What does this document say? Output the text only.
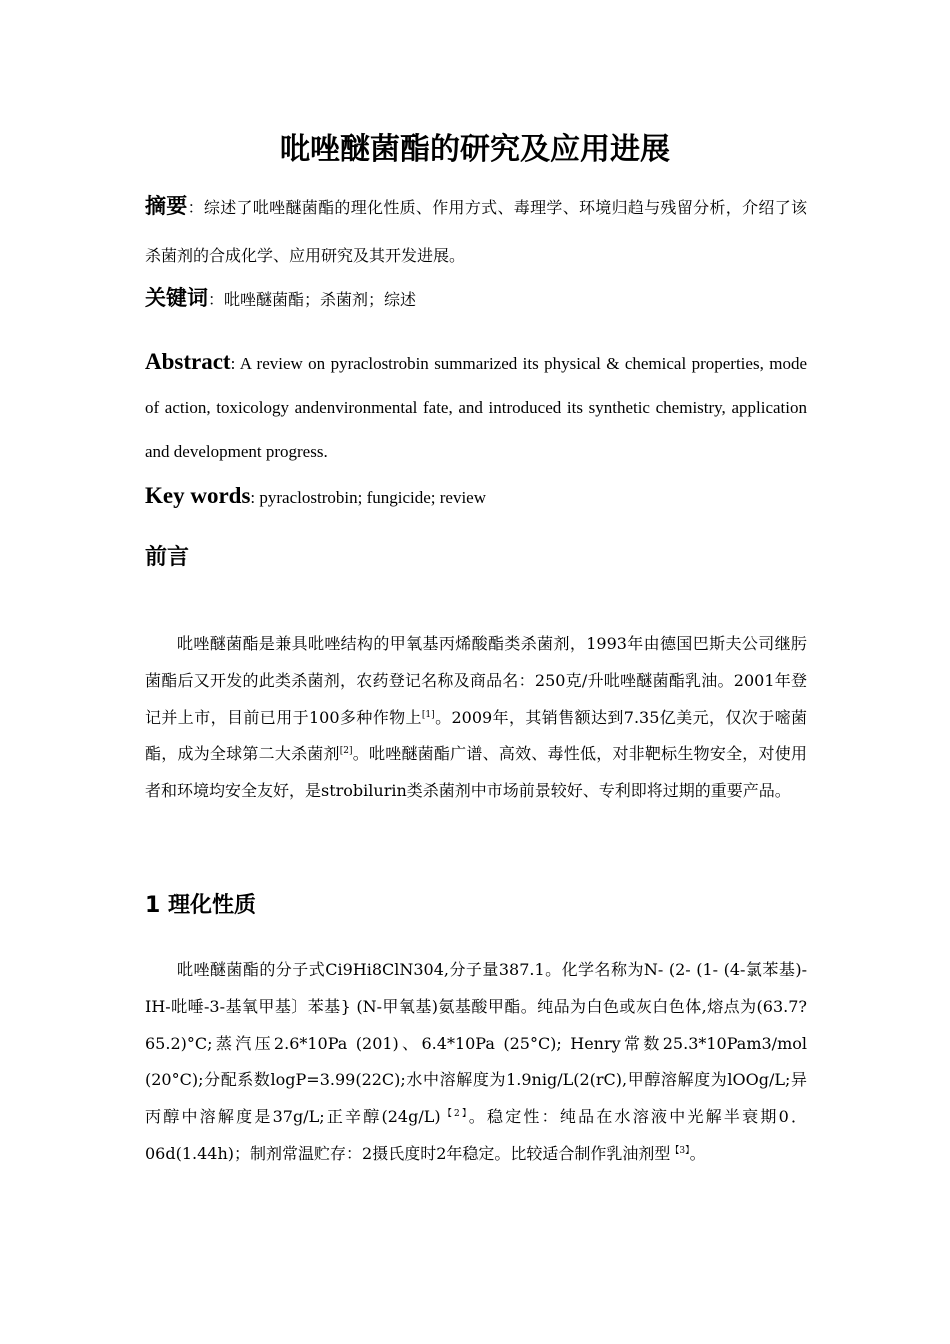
吡唑醚菌酯的研究及应用进展
摘要：综述了吡唑醚菌酯的理化性质、作用方式、毒理学、环境归趋与残留分析，介绍了该杀菌剂的合成化学、应用研究及其开发进展。
关键词：吡唑醚菌酯；杀菌剂；综述
Abstract: A review on pyraclostrobin summarized its physical & chemical properties, mode of action, toxicology andenvironmental fate, and introduced its synthetic chemistry, application and development progress.
Key words: pyraclostrobin; fungicide; review
前言
吡唑醚菌酯是兼具吡唑结构的甲氧基丙烯酸酯类杀菌剂，1993年由德国巴斯夫公司继肟菌酯后又开发的此类杀菌剂，农药登记名称及商品名：250克/升吡唑醚菌酯乳油。2001年登记并上市，目前已用于100多种作物上[1]。2009年，其销售额达到7.35亿美元，仅次于嘧菌酯，成为全球第二大杀菌剂[2]。吡唑醚菌酯广谱、高效、毒性低，对非靶标生物安全，对使用者和环境均安全友好，是strobilurin类杀菌剂中市场前景较好、专利即将过期的重要产品。
1 理化性质
吡唑醚菌酯的分子式Ci9Hi8ClN304,分子量387.1。化学名称为N- (2- (1- (4-氯苯基)-IH-吡唾-3-基氧甲基〕苯基} (N-甲氧基)氨基酸甲酯。纯品为白色或灰白色体,熔点为(63.7?65.2)°C;蒸汽压2.6*10Pa (201)、6.4*10Pa (25°C); Henry常数25.3*10Pam3/mol (20°C);分配系数logP=3.99(22C);水中溶解度为1.9nig/L(2(rC),甲醇溶解度为lOOg/L;异丙醇中溶解度是37g/L;正辛醇$(24g/L)^{【2】}$。稳定性：纯品在水溶液中光解半衰期0．06d(1.44h)；制剂常温贮存：2摄氏度时2年稳定。比较适合制作乳油剂型$^{【3】}$。
